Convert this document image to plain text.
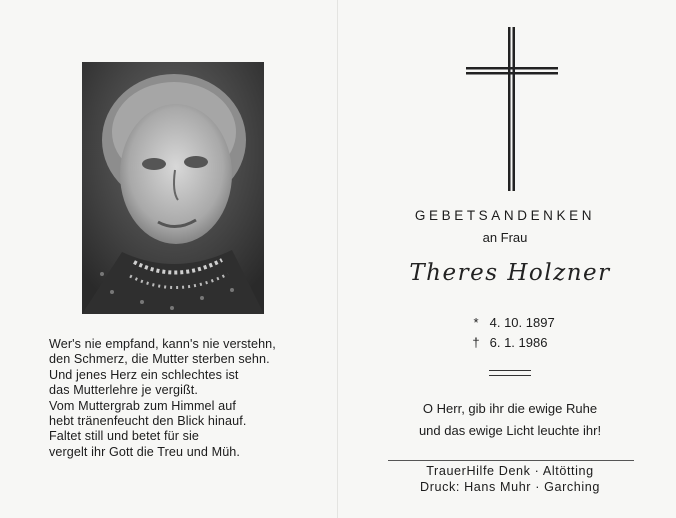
Wer's nie empfand, kann's nie verstehn,
den Schmerz, die Mutter sterben sehn.
Und jenes Herz ein schlechtes ist
das Mutterlehre je vergißt.
Vom Muttergrab zum Himmel auf
hebt tränenfeucht den Blick hinauf.
Faltet still und betet für sie
vergelt ihr Gott die Treu und Müh.
GEBETSANDENKEN
an Frau
Theres Holzner
* 4. 10. 1897
† 6. 1. 1986
O Herr, gib ihr die ewige Ruhe
und das ewige Licht leuchte ihr!
TrauerHilfe Denk · Altötting
Druck: Hans Muhr · Garching
